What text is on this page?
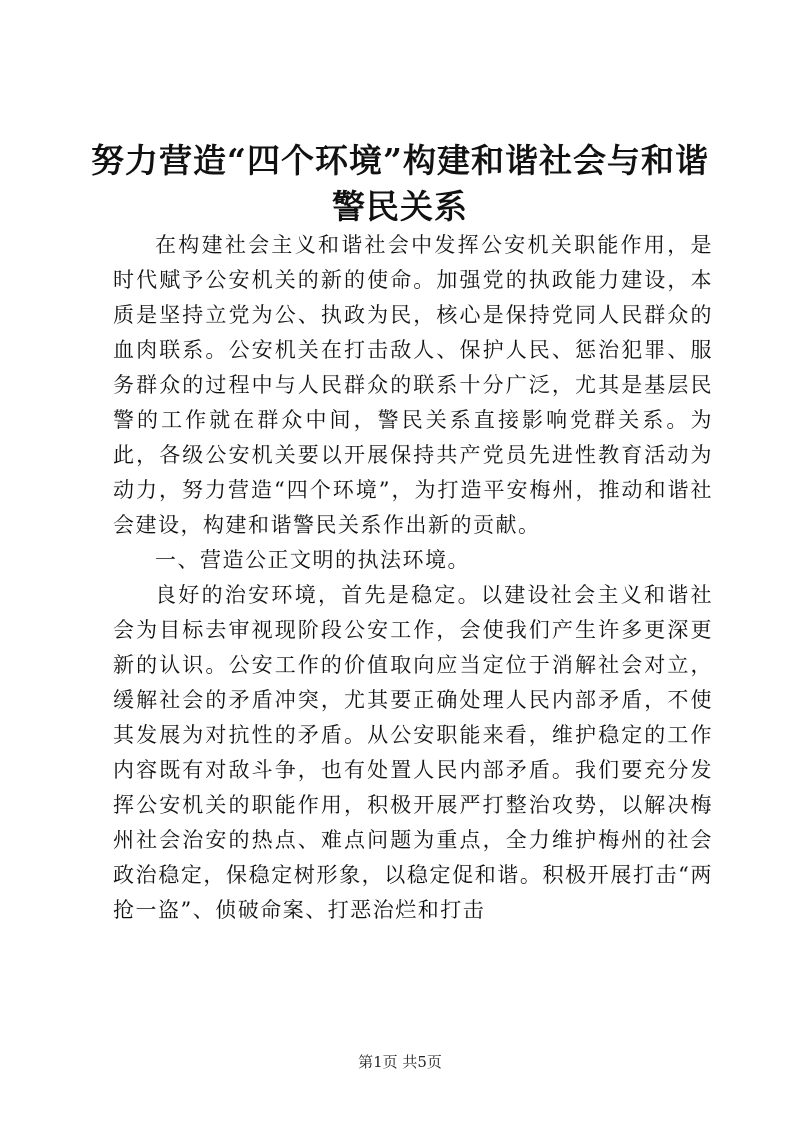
努力营造“四个环境”构建和谐社会与和谐警民关系

在构建社会主义和谐社会中发挥公安机关职能作用，是时代赋予公安机关的新的使命。加强党的执政能力建设，本质是坚持立党为公、执政为民，核心是保持党同人民群众的血肉联系。公安机关在打击敌人、保护人民、惩治犯罪、服务群众的过程中与人民群众的联系十分广泛，尤其是基层民警的工作就在群众中间，警民关系直接影响党群关系。为此，各级公安机关要以开展保持共产党员先进性教育活动为动力，努力营造“四个环境”，为打造平安梅州，推动和谐社会建设，构建和谐警民关系作出新的贡献。

一、营造公正文明的执法环境。

良好的治安环境，首先是稳定。以建设社会主义和谐社会为目标去审视现阶段公安工作，会使我们产生许多更深更新的认识。公安工作的价值取向应当定位于消解社会对立，缓解社会的矛盾冲突，尤其要正确处理人民内部矛盾，不使其发展为对抗性的矛盾。从公安职能来看，维护稳定的工作内容既有对敌斗争，也有处置人民内部矛盾。我们要充分发挥公安机关的职能作用，积极开展严打整治攻势，以解决梅州社会治安的热点、难点问题为重点，全力维护梅州的社会政治稳定，保稳定树形象，以稳定促和谐。积极开展打击“两抢一盗”、侦破命案、打恶治烂和打击

第1页 共5页
